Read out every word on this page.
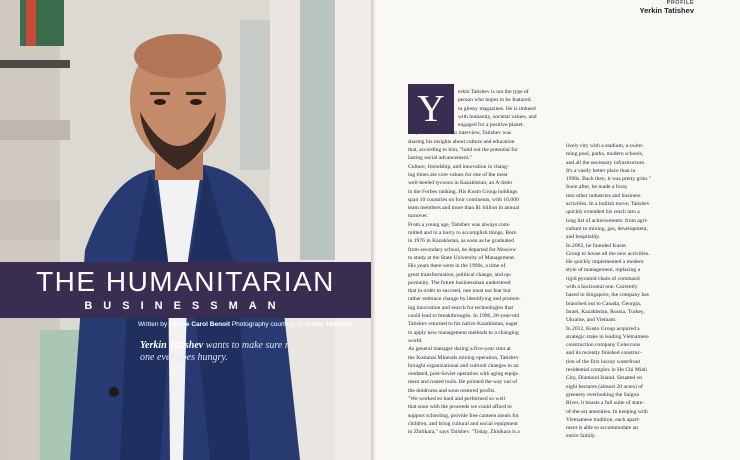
THE HUMANITARIAN
BUSINESSMAN
Written by Liliane Carol Benoit Photography courtesy of Yerkin Tatishev
Yerkin Tatishev wants to make sure no
one ever goes hungry.
PROFILE
Yerkin Tatishev
Y	erkin Tatishev is not the type of
person who hopes to be featured
in glossy magazines. He is imbued
with humanity, societal values, and
engaged for a positive planet.
Only minutes into our interview, Tatishev was
sharing his insights about culture and education
that, according to him, "hold out the potential for
lasting social advancement."
Culture, friendship, and innovation in chang-
ing times are core values for one of the most
well-heeled tycoons in Kazakhstan, an A-lister
in the Forbes ranking. His Kusto Group holdings
span 10 countries on four continents, with 10,000
team members and more than $1 billion in annual
turnover.
From a young age, Tatishev was always com-
mitted and in a hurry to accomplish things. Born
in 1976 in Kazakhstan, as soon as he graduated
from secondary school, he departed for Moscow
to study at the State University of Management.
His years there were in the 1990s, a time of
great transformation, political change, and op-
portunity. The future businessman understood
that in order to succeed, one must not fear but
rather embrace change by identifying and promot-
ing innovation and search for technologies that
could lead to breakthroughs. In 1996, 20-year-old
Tatishev returned to his native Kazakhstan, eager
to apply new management methods to a changing
world.
As general manager during a five-year stint at
the Kostanai Minerals mining operation, Tatishev
brought organizational and cultural changes to an
outdated, post-Soviet operation with aging equip-
ment and rusted tools. He pointed the way out of
the doldrums and soon restored profits.
"We worked so hard and performed so well
that soon with the proceeds we could afford to
support schooling, provide free canteen meals for
children, and bring cultural and social equipment
to Zhitikara," says Tatishev. "Today, Zhitikara is a
lively city with a stadium, a swim-
ming pool, parks, modern schools,
and all the necessary infrastructure.
It's a vastly better place than in
1990s. Back then, it was pretty grim."
Soon after, he made a foray
into other industries and business
activities. In a bullish move, Tatishev
quickly extended his reach into a
long list of achievements: from agri-
culture to mining, gas, development,
and hospitality.
In 2002, he founded Kusto
Group to house all the new activities.
He quickly implemented a modern
style of management, replacing a
rigid pyramid chain of command
with a horizontal one. Currently
based in Singapore, the company has
branched out to Canada, Georgia,
Israel, Kazakhstan, Russia, Turkey,
Ukraine, and Vietnam.
In 2012, Kusto Group acquired a
strategic stake in leading Vietnamese
construction company Coteccons
and its recently finished construc-
tion of the first luxury waterfront
residential complex in Ho Chi Minh
City, Diamond Island. Situated on
eight hectares (almost 20 acres) of
greenery overlooking the Saigon
River, it boasts a full suite of state-
of-the-art amenities. In keeping with
Vietnamese tradition, each apart-
ment is able to accommodate an
entire family.
